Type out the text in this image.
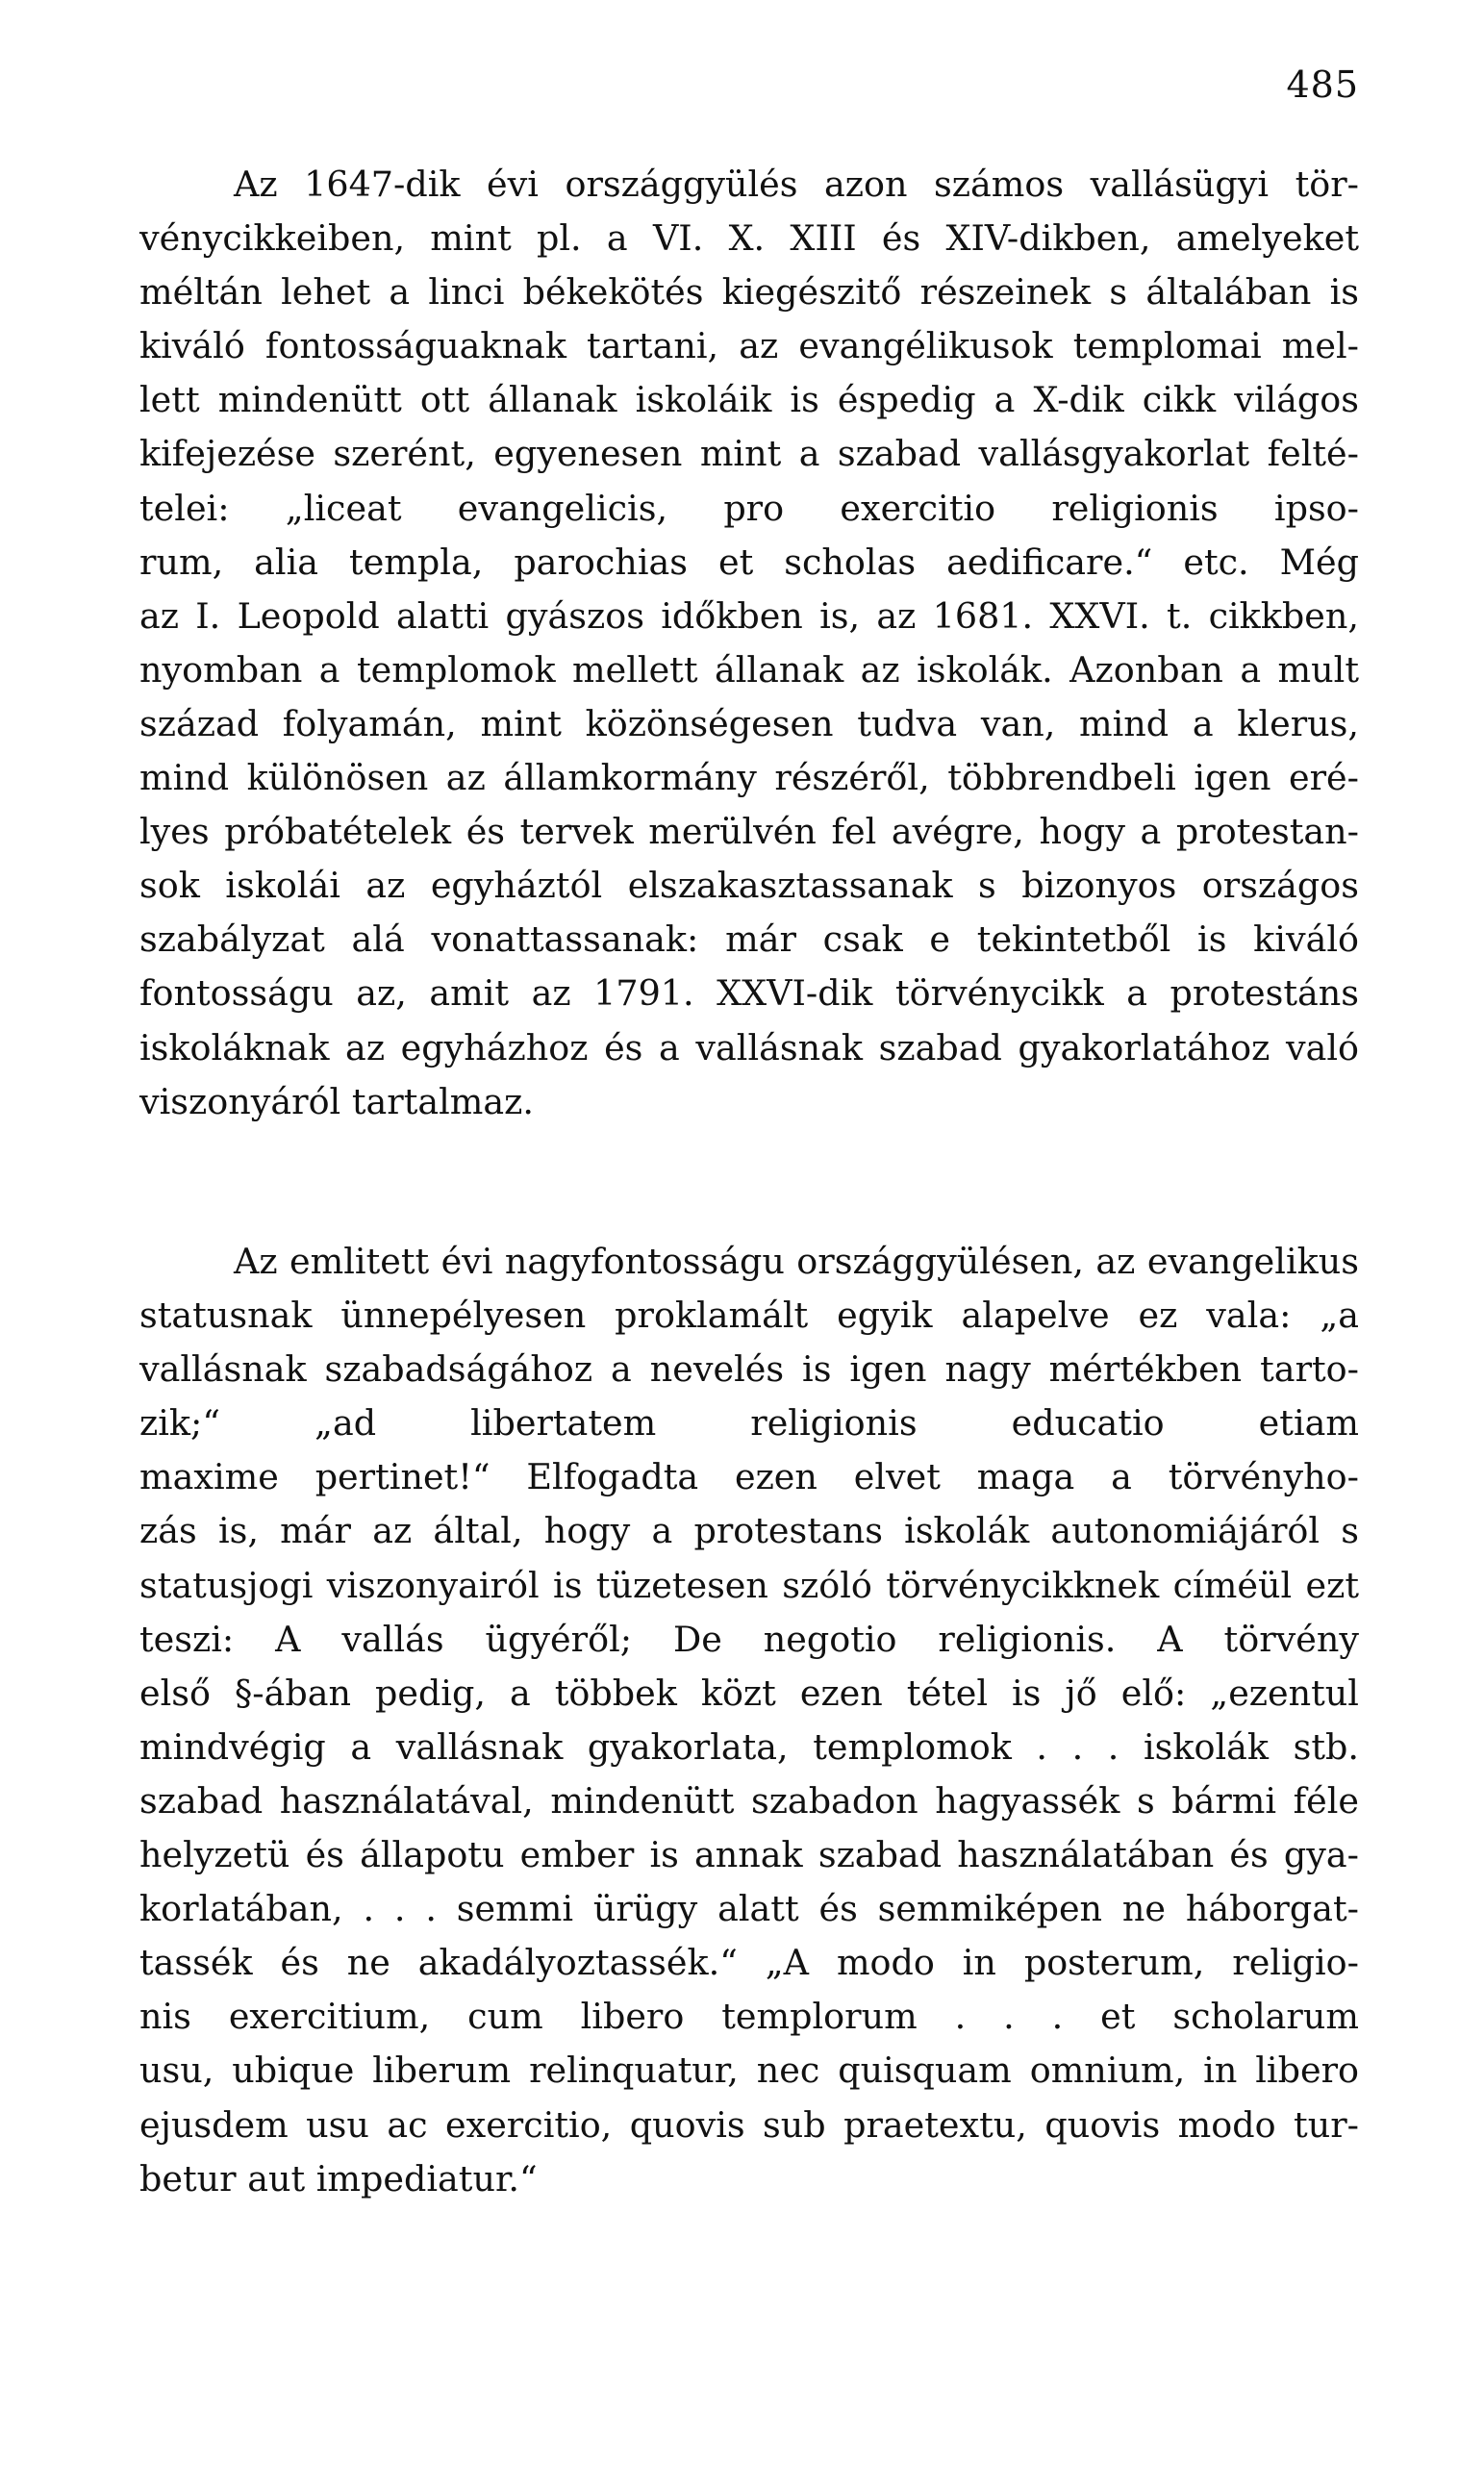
485
Az 1647-dik évi országgyülés azon számos vallásügyi tör-
vénycikkeiben, mint pl. a VI. X. XIII és XIV-dikben, amelyeket
méltán lehet a linci békekötés kiegészitő részeinek s általában is
kiváló fontosságuaknak tartani, az evangélikusok templomai mel-
lett mindenütt ott állanak iskoláik is éspedig a X-dik cikk világos
kifejezése szerént, egyenesen mint a szabad vallásgyakorlat felté-
telei: „liceat evangelicis, pro exercitio religionis ipso-
rum, alia templa, parochias et scholas aedificare.“ etc. Még
az I. Leopold alatti gyászos időkben is, az 1681. XXVI. t. cikkben,
nyomban a templomok mellett állanak az iskolák. Azonban a mult
század folyamán, mint közönségesen tudva van, mind a klerus,
mind különösen az államkormány részéről, többrendbeli igen eré-
lyes próbatételek és tervek merülvén fel avégre, hogy a protestan-
sok iskolái az egyháztól elszakasztassanak s bizonyos országos
szabályzat alá vonattassanak: már csak e tekintetből is kiváló
fontosságu az, amit az 1791. XXVI-dik törvénycikk a protestáns
iskoláknak az egyházhoz és a vallásnak szabad gyakorlatához való
viszonyáról tartalmaz.
Az emlitett évi nagyfontosságu országgyülésen, az evangelikus
statusnak ünnepélyesen proklamált egyik alapelve ez vala: „a
vallásnak szabadságához a nevelés is igen nagy mértékben tarto-
zik;“ „ad libertatem religionis educatio etiam
maxime pertinet!“ Elfogadta ezen elvet maga a törvényho-
zás is, már az által, hogy a protestans iskolák autonomiájáról s
statusjogi viszonyairól is tüzetesen szóló törvénycikknek címéül ezt
teszi: A vallás ügyéről; De negotio religionis. A törvény
első §-ában pedig, a többek közt ezen tétel is jő elő: „ezentul
mindvégig a vallásnak gyakorlata, templomok . . . iskolák stb.
szabad használatával, mindenütt szabadon hagyassék s bármi féle
helyzetü és állapotu ember is annak szabad használatában és gya-
korlatában, . . . semmi ürügy alatt és semmiképen ne háborgat-
tassék és ne akadályoztassék.“ „A modo in posterum, religio-
nis exercitium, cum libero templorum . . . et scholarum
usu, ubique liberum relinquatur, nec quisquam omnium, in libero
ejusdem usu ac exercitio, quovis sub praetextu, quovis modo tur-
betur aut impediatur.“
